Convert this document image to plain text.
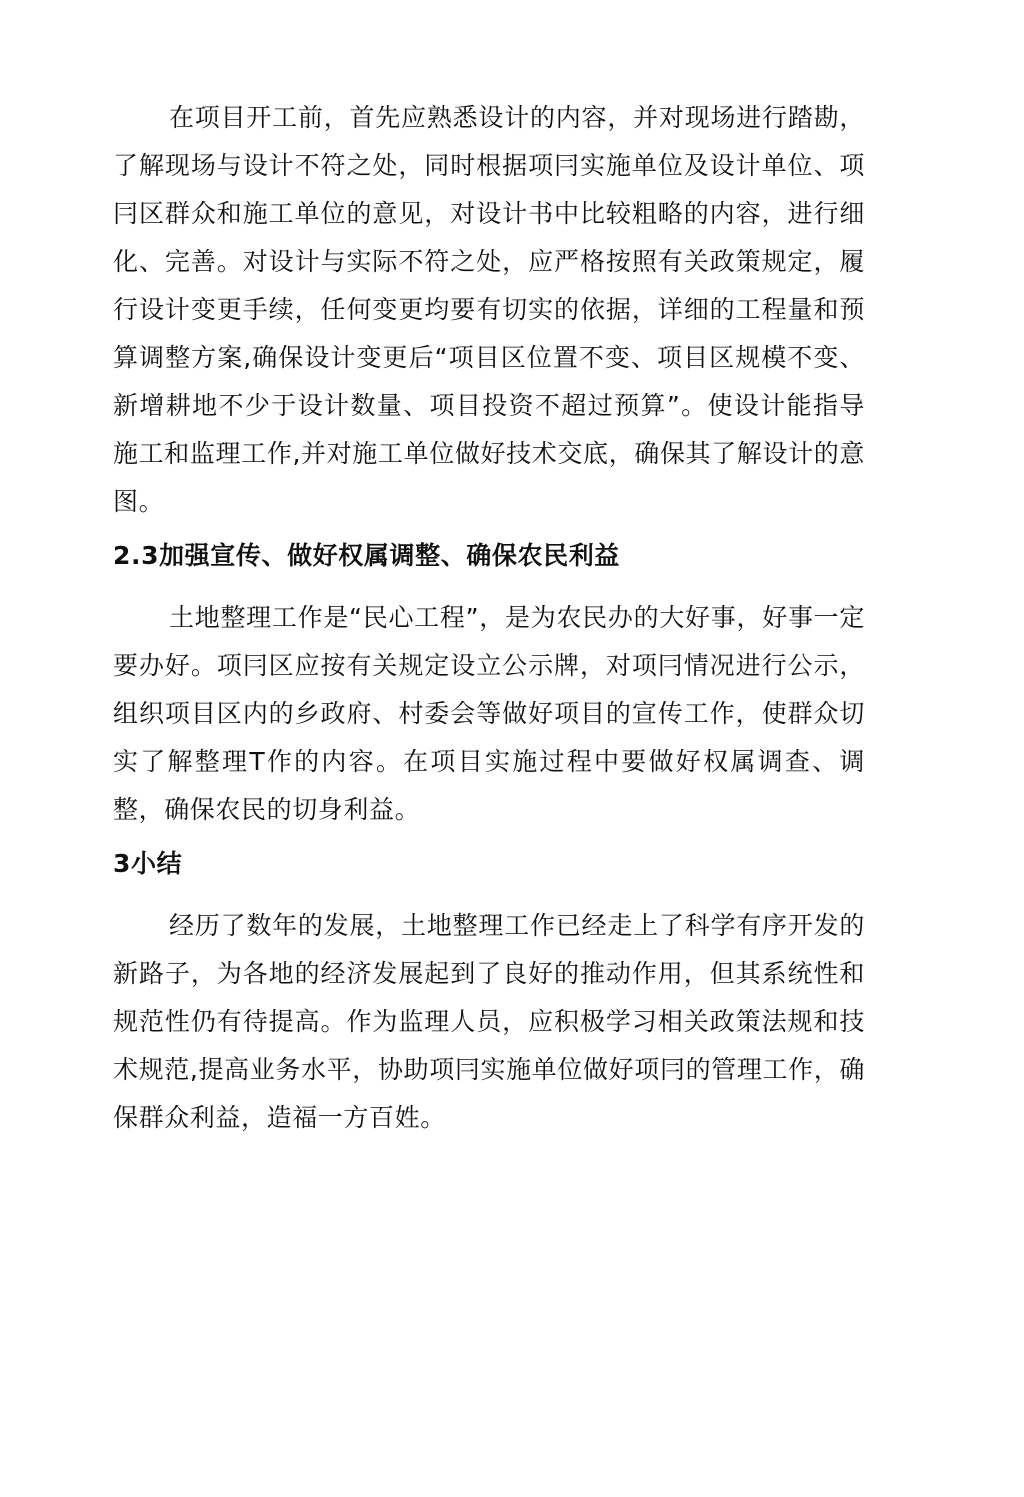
在项目开工前，首先应熟悉设计的内容，并对现场进行踏勘，了解现场与设计不符之处，同时根据项冃实施单位及设计单位、项冃区群众和施工单位的意见，对设计书中比较粗略的内容，进行细化、完善。对设计与实际不符之处，应严格按照有关政策规定，履行设计变更手续，任何变更均要有切实的依据，详细的工程量和预算调整方案,确保设计变更后“项目区位置不变、项目区规模不变、新增耕地不少于设计数量、项目投资不超过预算”。使设计能指导施工和监理工作,并对施工单位做好技术交底，确保其了解设计的意图。

2.3加强宣传、做好权属调整、确保农民利益

土地整理工作是“民心工程”，是为农民办的大好事，好事一定要办好。项冃区应按有关规定设立公示牌，对项冃情况进行公示，组织项目区内的乡政府、村委会等做好项目的宣传工作，使群众切实了解整理T作的内容。在项目实施过程中要做好权属调查、调整，确保农民的切身利益。

3小结

经历了数年的发展，土地整理工作已经走上了科学有序开发的新路子，为各地的经济发展起到了良好的推动作用，但其系统性和规范性仍有待提高。作为监理人员，应积极学习相关政策法规和技术规范,提高业务水平，协助项冃实施单位做好项冃的管理工作，确保群众利益，造福一方百姓。
